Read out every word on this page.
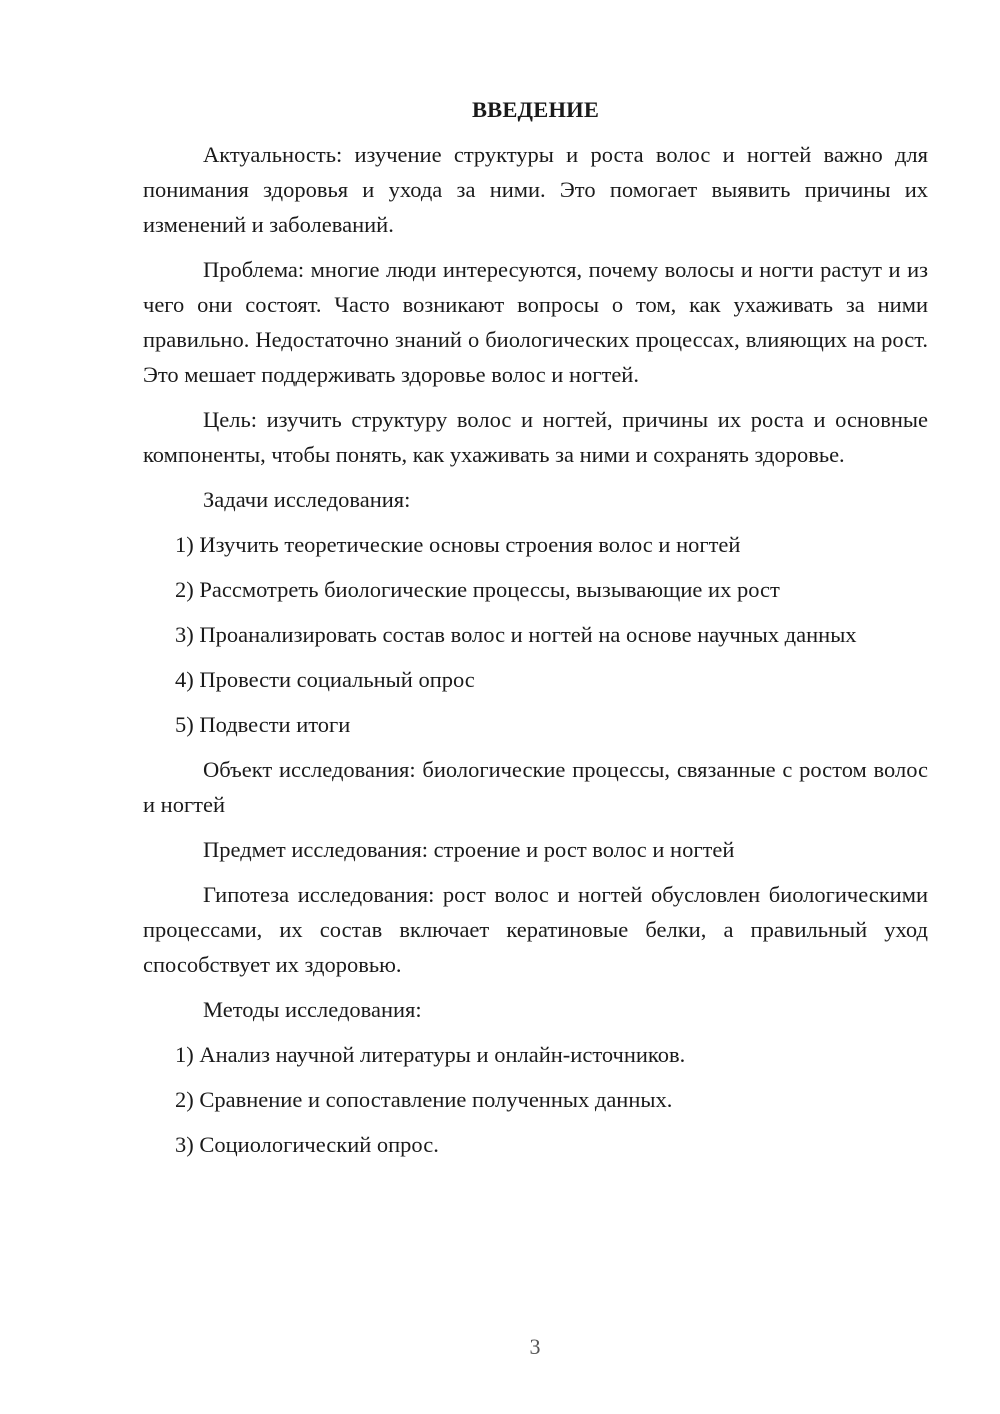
ВВЕДЕНИЕ

Актуальность: изучение структуры и роста волос и ногтей важно для понимания здоровья и ухода за ними. Это помогает выявить причины их изменений и заболеваний.

Проблема: многие люди интересуются, почему волосы и ногти растут и из чего они состоят. Часто возникают вопросы о том, как ухаживать за ними правильно. Недостаточно знаний о биологических процессах, влияющих на рост. Это мешает поддерживать здоровье волос и ногтей.

Цель: изучить структуру волос и ногтей, причины их роста и основные компоненты, чтобы понять, как ухаживать за ними и сохранять здоровье.

Задачи исследования:

1) Изучить теоретические основы строения волос и ногтей

2) Рассмотреть биологические процессы, вызывающие их рост

3) Проанализировать состав волос и ногтей на основе научных данных

4) Провести социальный опрос

5) Подвести итоги

Объект исследования: биологические процессы, связанные с ростом волос и ногтей

Предмет исследования: строение и рост волос и ногтей

Гипотеза исследования: рост волос и ногтей обусловлен биологическими процессами, их состав включает кератиновые белки, а правильный уход способствует их здоровью.

Методы исследования:

1) Анализ научной литературы и онлайн-источников.

2) Сравнение и сопоставление полученных данных.

3) Социологический опрос.

3
